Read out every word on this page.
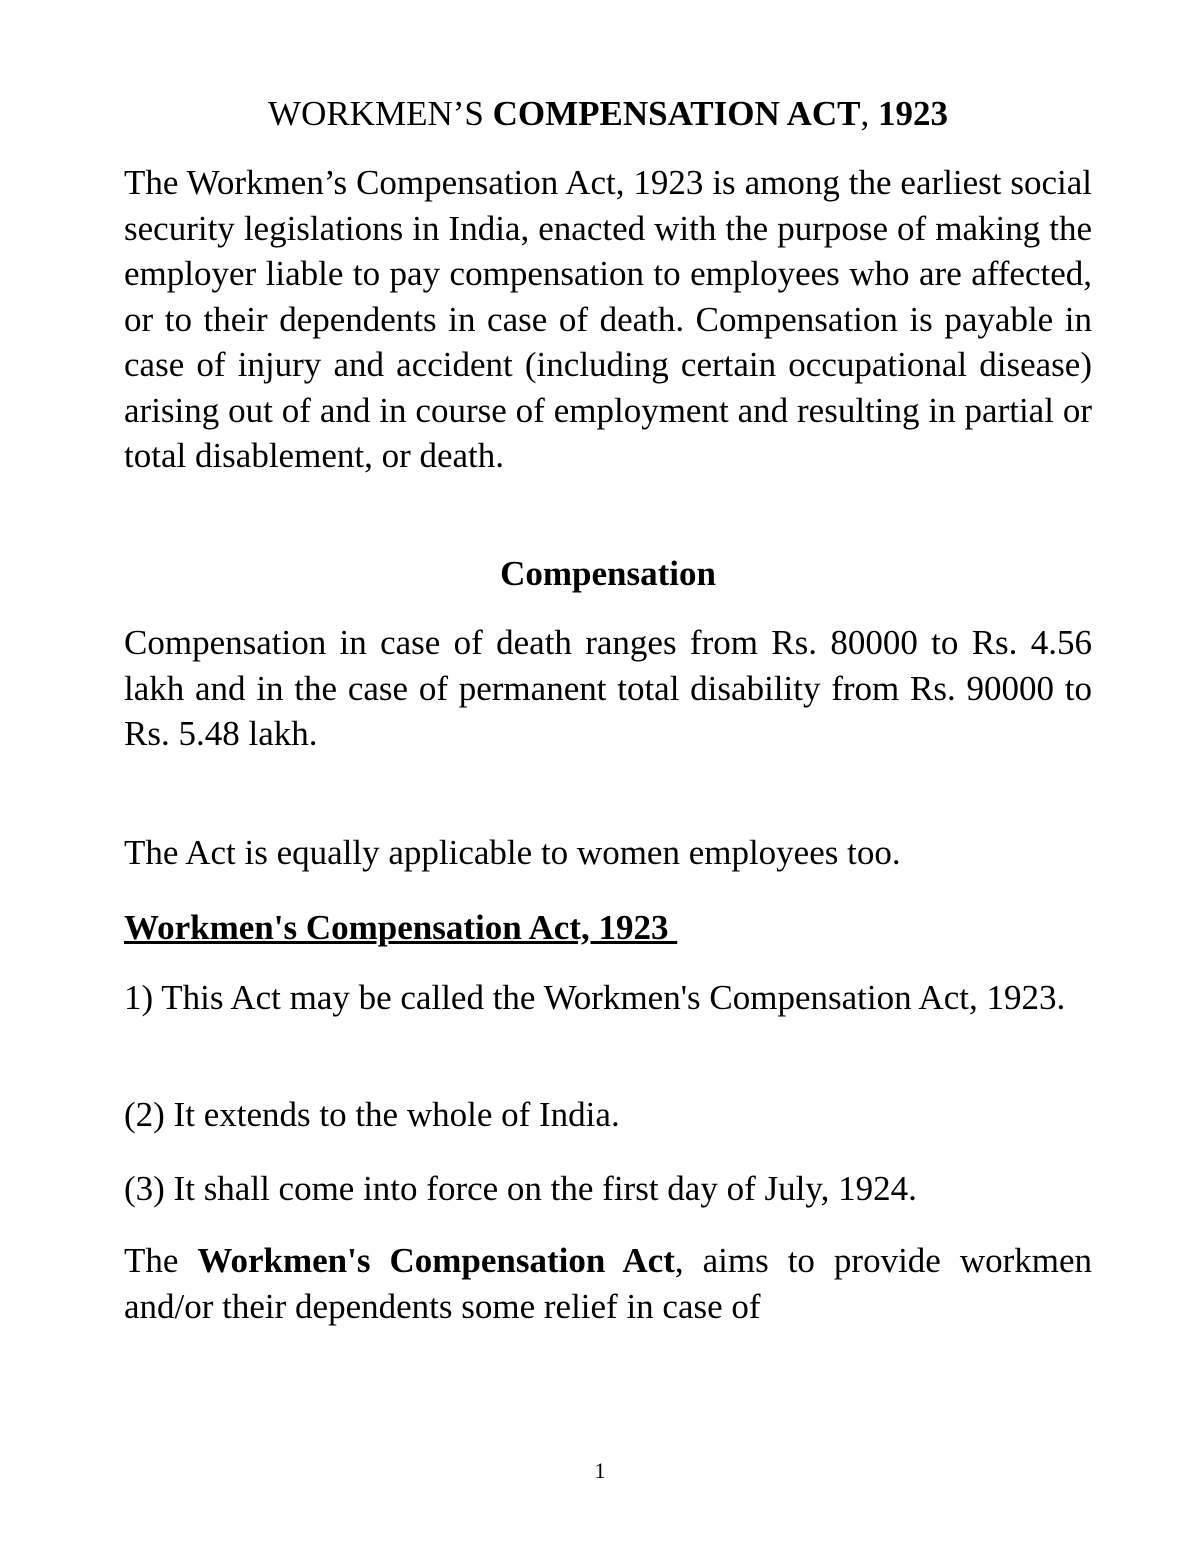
WORKMEN’S COMPENSATION ACT, 1923

The Workmen’s Compensation Act, 1923 is among the earliest social security legislations in India, enacted with the purpose of making the employer liable to pay compensation to employees who are affected, or to their dependents in case of death. Compensation is payable in case of injury and accident (including certain occupational disease) arising out of and in course of employment and resulting in partial or total disablement, or death.

Compensation

Compensation in case of death ranges from Rs. 80000 to Rs. 4.56 lakh and in the case of permanent total disability from Rs. 90000 to Rs. 5.48 lakh.

The Act is equally applicable to women employees too.

Workmen's Compensation Act, 1923

1) This Act may be called the Workmen's Compensation Act, 1923.

(2) It extends to the whole of India.

(3) It shall come into force on the first day of July, 1924.

The Workmen's Compensation Act, aims to provide workmen and/or their dependents some relief in case of

1
